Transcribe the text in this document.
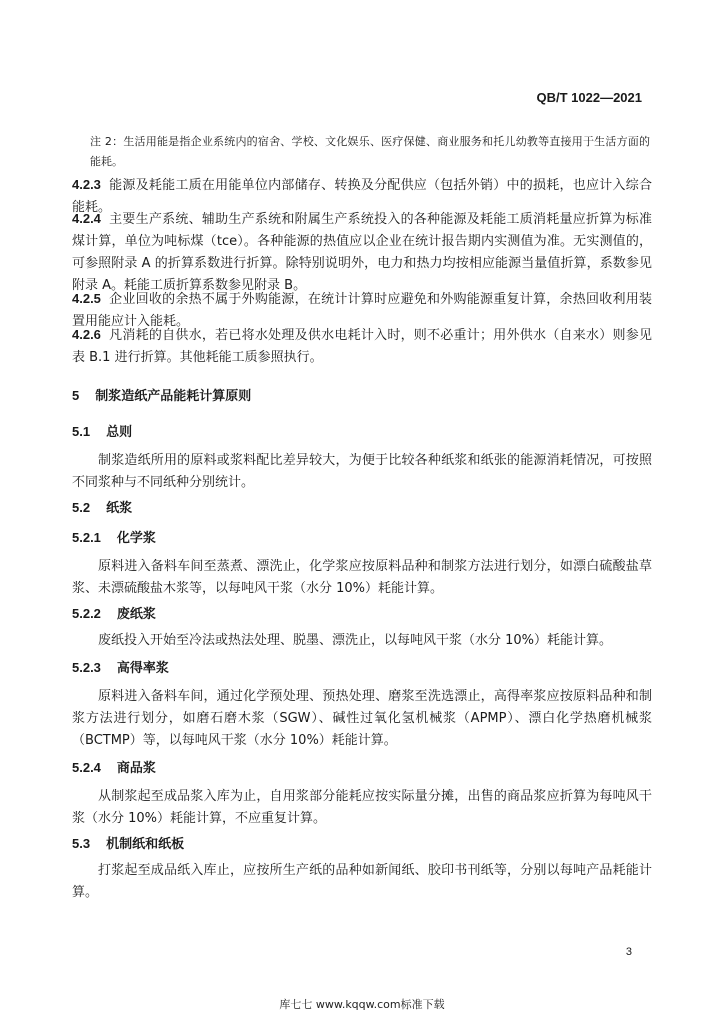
QB/T 1022—2021

注 2：生活用能是指企业系统内的宿舍、学校、文化娱乐、医疗保健、商业服务和托儿幼教等直接用于生活方面的能耗。

4.2.3 能源及耗能工质在用能单位内部储存、转换及分配供应（包括外销）中的损耗，也应计入综合能耗。

4.2.4 主要生产系统、辅助生产系统和附属生产系统投入的各种能源及耗能工质消耗量应折算为标准煤计算，单位为吨标煤（tce）。各种能源的热值应以企业在统计报告期内实测值为准。无实测值的，可参照附录 A 的折算系数进行折算。除特别说明外，电力和热力均按相应能源当量值折算，系数参见附录 A。耗能工质折算系数参见附录 B。

4.2.5 企业回收的余热不属于外购能源，在统计计算时应避免和外购能源重复计算，余热回收利用装置用能应计入能耗。

4.2.6 凡消耗的自供水，若已将水处理及供水电耗计入时，则不必重计；用外供水（自来水）则参见表 B.1 进行折算。其他耗能工质参照执行。

5 制浆造纸产品能耗计算原则
5.1 总则

制浆造纸所用的原料或浆料配比差异较大，为便于比较各种纸浆和纸张的能源消耗情况，可按照不同浆种与不同纸种分别统计。

5.2 纸浆
5.2.1 化学浆

原料进入备料车间至蒸煮、漂洗止，化学浆应按原料品种和制浆方法进行划分，如漂白硫酸盐草浆、未漂硫酸盐木浆等，以每吨风干浆（水分 10%）耗能计算。

5.2.2 废纸浆

废纸投入开始至冷法或热法处理、脱墨、漂洗止，以每吨风干浆（水分 10%）耗能计算。

5.2.3 高得率浆

原料进入备料车间，通过化学预处理、预热处理、磨浆至洗选漂止，高得率浆应按原料品种和制浆方法进行划分，如磨石磨木浆（SGW）、碱性过氧化氢机械浆（APMP）、漂白化学热磨机械浆（BCTMP）等，以每吨风干浆（水分 10%）耗能计算。

5.2.4 商品浆

从制浆起至成品浆入库为止，自用浆部分能耗应按实际量分摊，出售的商品浆应折算为每吨风干浆（水分 10%）耗能计算，不应重复计算。

5.3 机制纸和纸板

打浆起至成品纸入库止，应按所生产纸的品种如新闻纸、胶印书刊纸等，分别以每吨产品耗能计算。

3
库七七 www.kqqw.com标准下载
